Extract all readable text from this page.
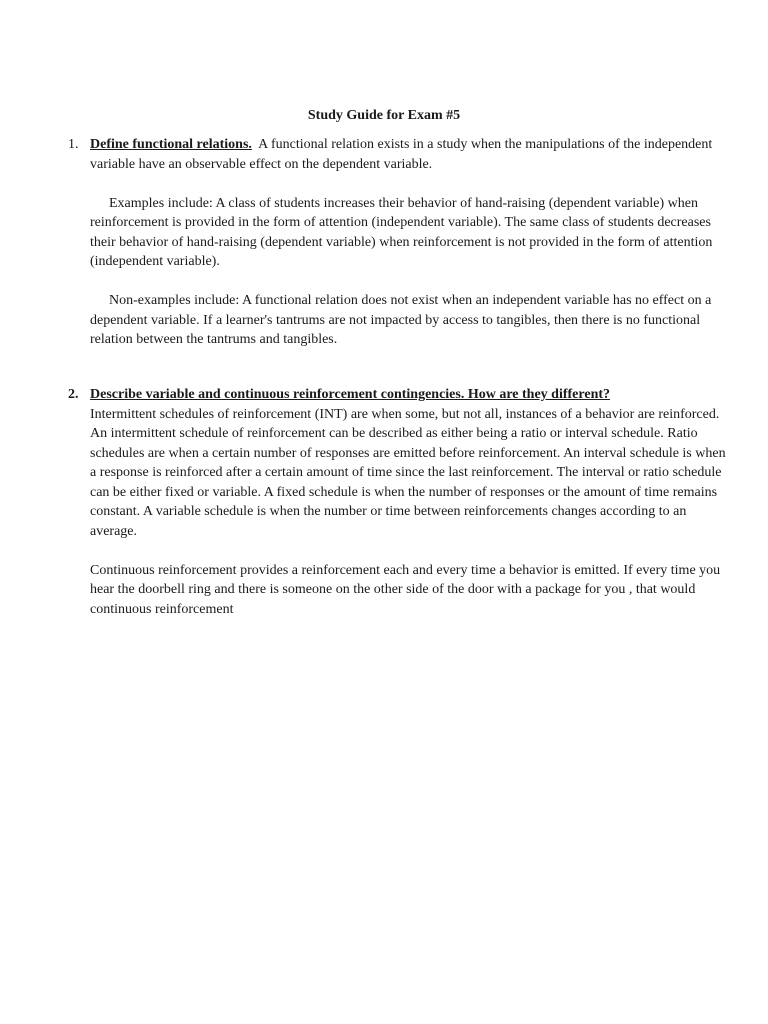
Study Guide for Exam #5
1. Define functional relations. A functional relation exists in a study when the manipulations of the independent variable have an observable effect on the dependent variable.

Examples include: A class of students increases their behavior of hand-raising (dependent variable) when reinforcement is provided in the form of attention (independent variable). The same class of students decreases their behavior of hand-raising (dependent variable) when reinforcement is not provided in the form of attention (independent variable).

Non-examples include: A functional relation does not exist when an independent variable has no effect on a dependent variable. If a learner's tantrums are not impacted by access to tangibles, then there is no functional relation between the tantrums and tangibles.

2. Describe variable and continuous reinforcement contingencies. How are they different?

Intermittent schedules of reinforcement (INT) are when some, but not all, instances of a behavior are reinforced. An intermittent schedule of reinforcement can be described as either being a ratio or interval schedule. Ratio schedules are when a certain number of responses are emitted before reinforcement. An interval schedule is when a response is reinforced after a certain amount of time since the last reinforcement. The interval or ratio schedule can be either fixed or variable. A fixed schedule is when the number of responses or the amount of time remains constant. A variable schedule is when the number or time between reinforcements changes according to an average.

Continuous reinforcement provides a reinforcement each and every time a behavior is emitted. If every time you hear the doorbell ring and there is someone on the other side of the door with a package for you , that would continuous reinforcement
